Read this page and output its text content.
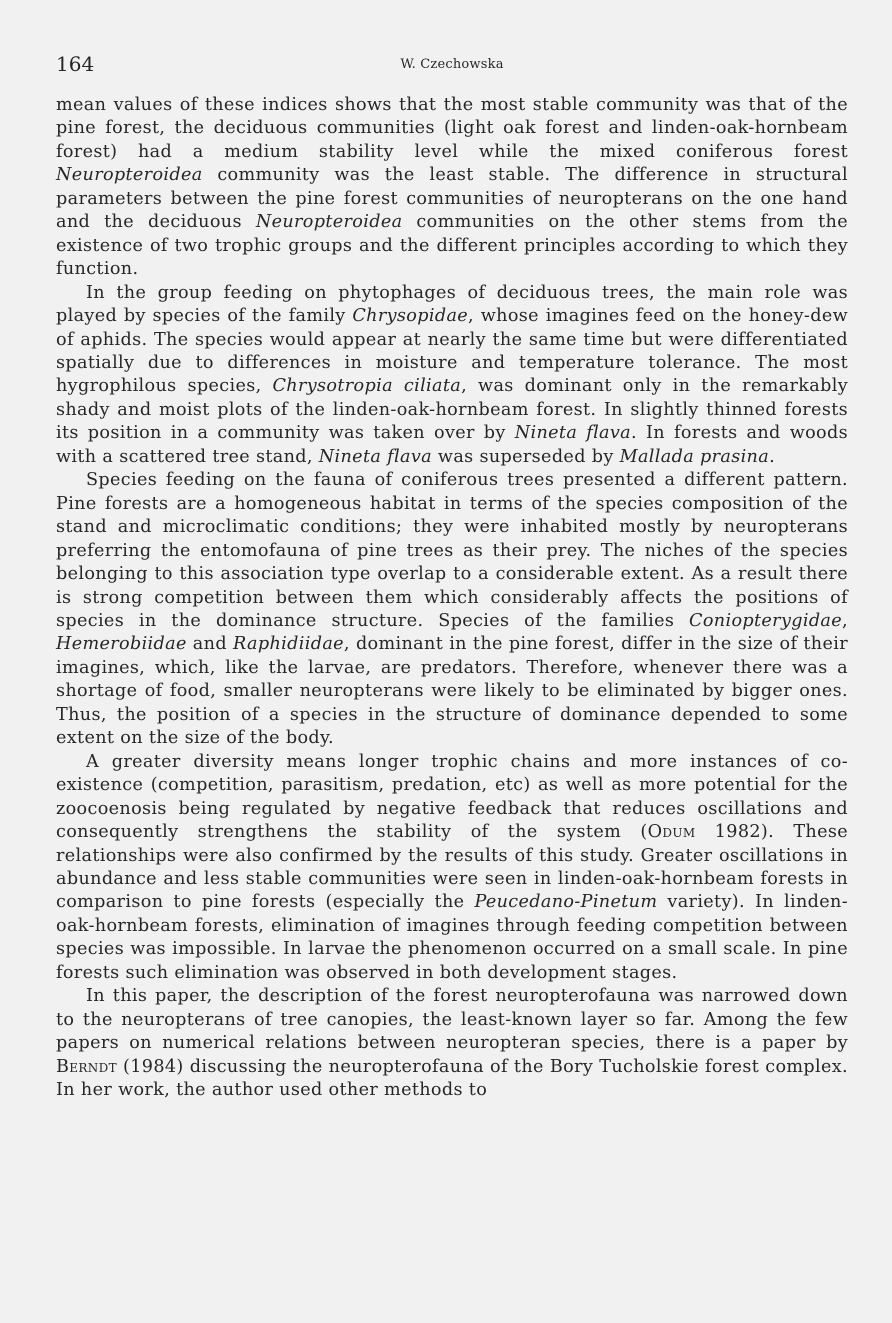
164	W. Czechowska

mean values of these indices shows that the most stable community was that of the pine forest, the deciduous communities (light oak forest and linden-oak-hornbeam forest) had a medium stability level while the mixed coniferous forest Neuropteroidea community was the least stable. The difference in structural parameters between the pine forest communities of neuropterans on the one hand and the deciduous Neuropteroidea communities on the other stems from the existence of two trophic groups and the different principles according to which they function.

In the group feeding on phytophages of deciduous trees, the main role was played by species of the family Chrysopidae, whose imagines feed on the honey-dew of aphids. The species would appear at nearly the same time but were differentiated spatially due to differences in moisture and temperature tolerance. The most hygrophilous species, Chrysotropia ciliata, was dominant only in the remarkably shady and moist plots of the linden-oak-hornbeam forest. In slightly thinned forests its position in a community was taken over by Nineta flava. In forests and woods with a scattered tree stand, Nineta flava was superseded by Mallada prasina.

Species feeding on the fauna of coniferous trees presented a different pattern. Pine forests are a homogeneous habitat in terms of the species composition of the stand and microclimatic conditions; they were inhabited mostly by neuropterans preferring the entomofauna of pine trees as their prey. The niches of the species belonging to this association type overlap to a considerable extent. As a result there is strong competition between them which considerably affects the positions of species in the dominance structure. Species of the families Coniopterygidae, Hemerobiidae and Raphidiidae, dominant in the pine forest, differ in the size of their imagines, which, like the larvae, are predators. Therefore, whenever there was a shortage of food, smaller neuropterans were likely to be eliminated by bigger ones. Thus, the position of a species in the structure of dominance depended to some extent on the size of the body.

A greater diversity means longer trophic chains and more instances of co-existence (competition, parasitism, predation, etc) as well as more potential for the zoocoenosis being regulated by negative feedback that reduces oscillations and consequently strengthens the stability of the system (Odum 1982). These relationships were also confirmed by the results of this study. Greater oscillations in abundance and less stable communities were seen in linden-oak-hornbeam forests in comparison to pine forests (especially the Peucedano-Pinetum variety). In linden-oak-hornbeam forests, elimination of imagines through feeding competition between species was impossible. In larvae the phenomenon occurred on a small scale. In pine forests such elimination was observed in both development stages.

In this paper, the description of the forest neuropterofauna was narrowed down to the neuropterans of tree canopies, the least-known layer so far. Among the few papers on numerical relations between neuropteran species, there is a paper by Berndt (1984) discussing the neuropterofauna of the Bory Tucholskie forest complex. In her work, the author used other methods to
